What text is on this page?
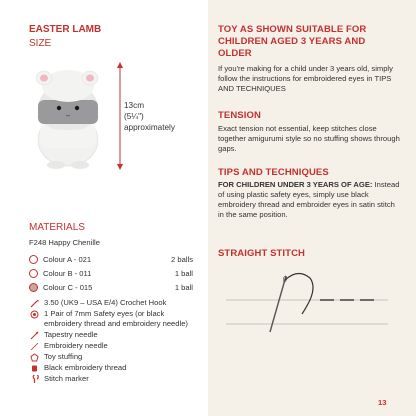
EASTER LAMB
SIZE
13cm
(5¼")
approximately
MATERIALS
F248 Happy Chenille
Colour A - 021	2 balls
Colour B - 011	1 ball
Colour C - 015	1 ball
3.50 (UK9 – USA E/4) Crochet Hook
1 Pair of 7mm Safety eyes (or black embroidery thread and embroidery needle)
Tapestry needle
Embroidery needle
Toy stuffing
Black embroidery thread
Stitch marker
TOY AS SHOWN SUITABLE FOR CHILDREN AGED 3 YEARS AND OLDER
If you're making for a child under 3 years old, simply follow the instructions for embroidered eyes in TIPS AND TECHNIQUES
TENSION
Exact tension not essential, keep stitches close together amigurumi style so no stuffing shows through gaps.
TIPS AND TECHNIQUES
FOR CHILDREN UNDER 3 YEARS OF AGE: Instead of using plastic safety eyes, simply use black embroidery thread and embroider eyes in satin stitch in the same position.
STRAIGHT STITCH
13
